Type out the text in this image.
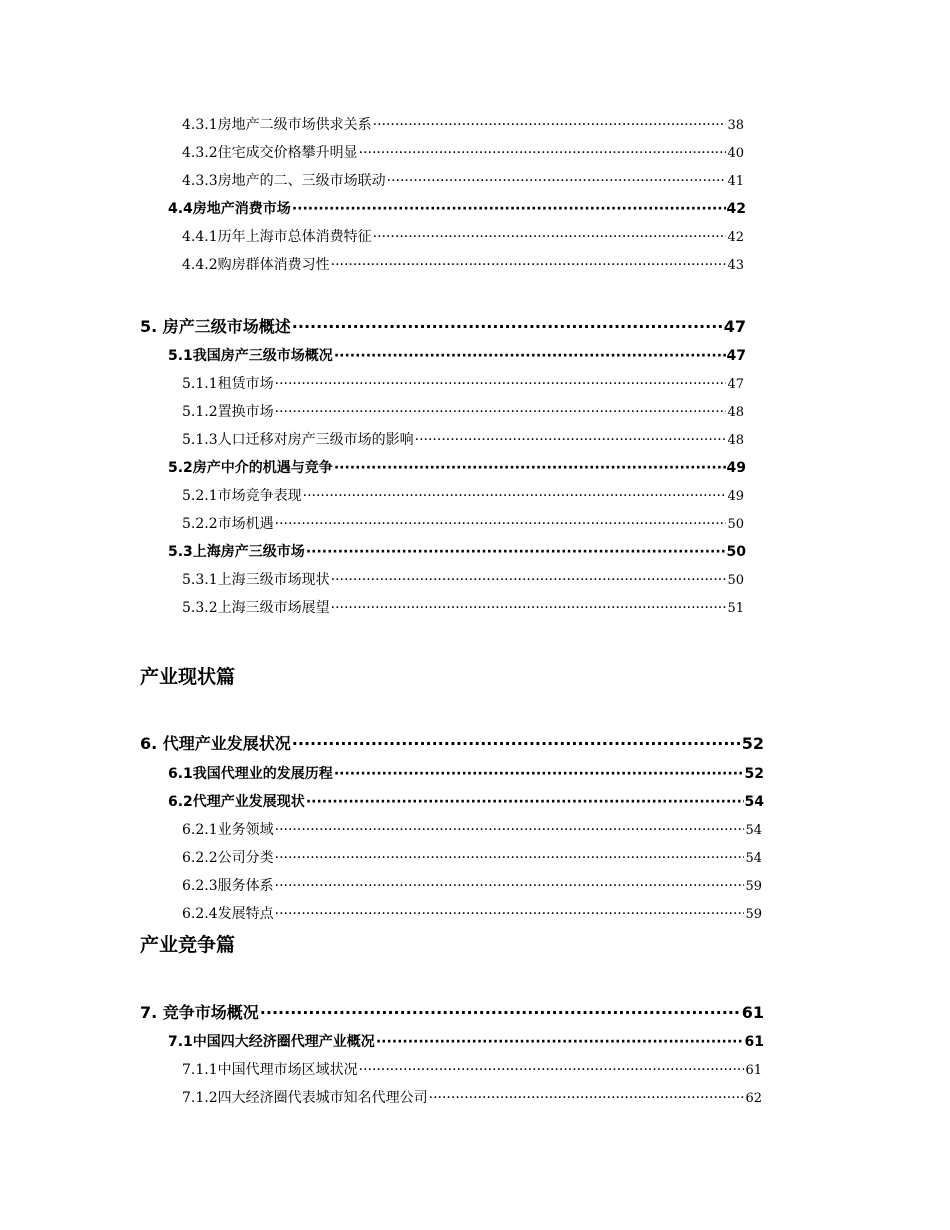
4.3.1房地产二级市场供求关系 ·····	38
4.3.2住宅成交价格攀升明显 ·····	40
4.3.3房地产的二、三级市场联动 ·····	41
4.4房地产消费市场 ·····	42
4.4.1历年上海市总体消费特征 ·····	42
4.4.2购房群体消费习性 ·····	43
5. 房产三级市场概述 ·····	47
5.1我国房产三级市场概况 ·····	47
5.1.1租赁市场 ·····	47
5.1.2置换市场 ·····	48
5.1.3人口迁移对房产三级市场的影响 ·····	48
5.2房产中介的机遇与竞争 ·····	49
5.2.1市场竞争表现 ·····	49
5.2.2市场机遇 ·····	50
5.3上海房产三级市场 ·····	50
5.3.1上海三级市场现状 ·····	50
5.3.2上海三级市场展望 ·····	51
产业现状篇
6. 代理产业发展状况 ·····	52
6.1我国代理业的发展历程 ·····	52
6.2代理产业发展现状 ·····	54
6.2.1业务领域 ·····	54
6.2.2公司分类 ·····	54
6.2.3服务体系 ·····	59
6.2.4发展特点 ·····	59
产业竞争篇
7. 竞争市场概况 ·····	61
7.1中国四大经济圈代理产业概况 ·····	61
7.1.1中国代理市场区域状况 ·····	61
7.1.2四大经济圈代表城市知名代理公司 ·····	62
